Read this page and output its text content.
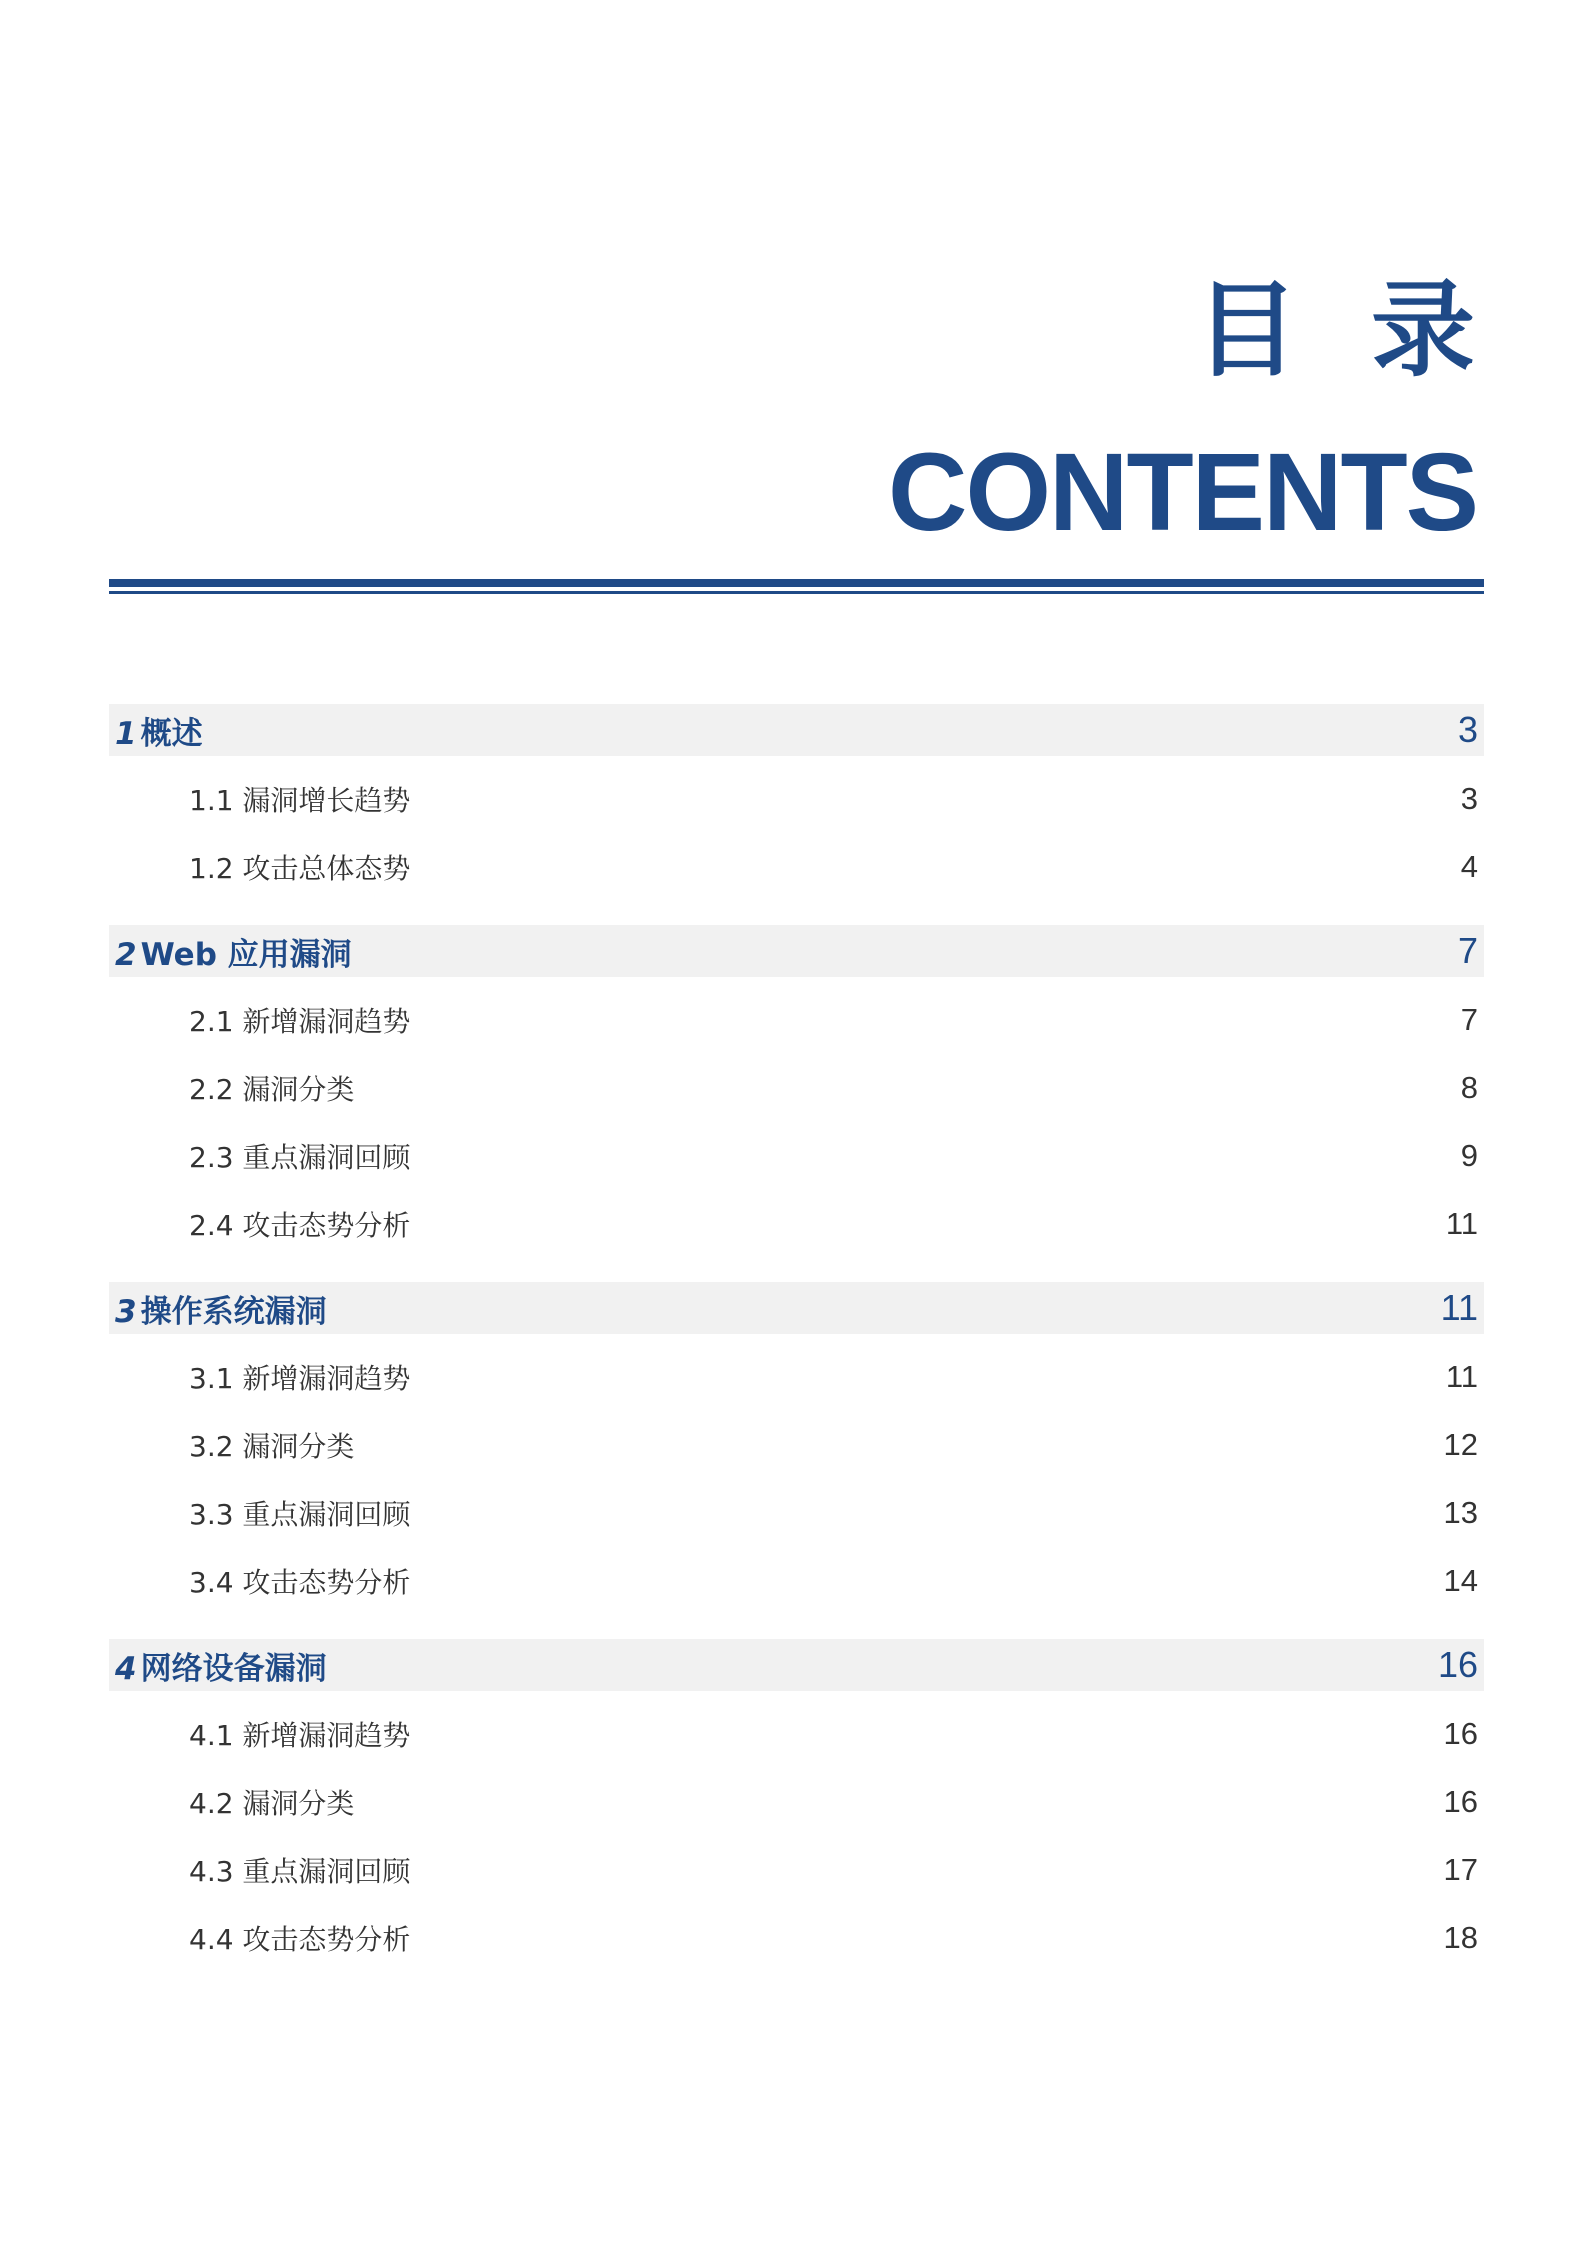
目 录
CONTENTS
1 概述	3
1.1 漏洞增长趋势	3
1.2 攻击总体态势	4
2 Web 应用漏洞	7
2.1 新增漏洞趋势	7
2.2 漏洞分类	8
2.3 重点漏洞回顾	9
2.4 攻击态势分析	11
3 操作系统漏洞	11
3.1 新增漏洞趋势	11
3.2 漏洞分类	12
3.3 重点漏洞回顾	13
3.4 攻击态势分析	14
4 网络设备漏洞	16
4.1 新增漏洞趋势	16
4.2 漏洞分类	16
4.3 重点漏洞回顾	17
4.4 攻击态势分析	18
